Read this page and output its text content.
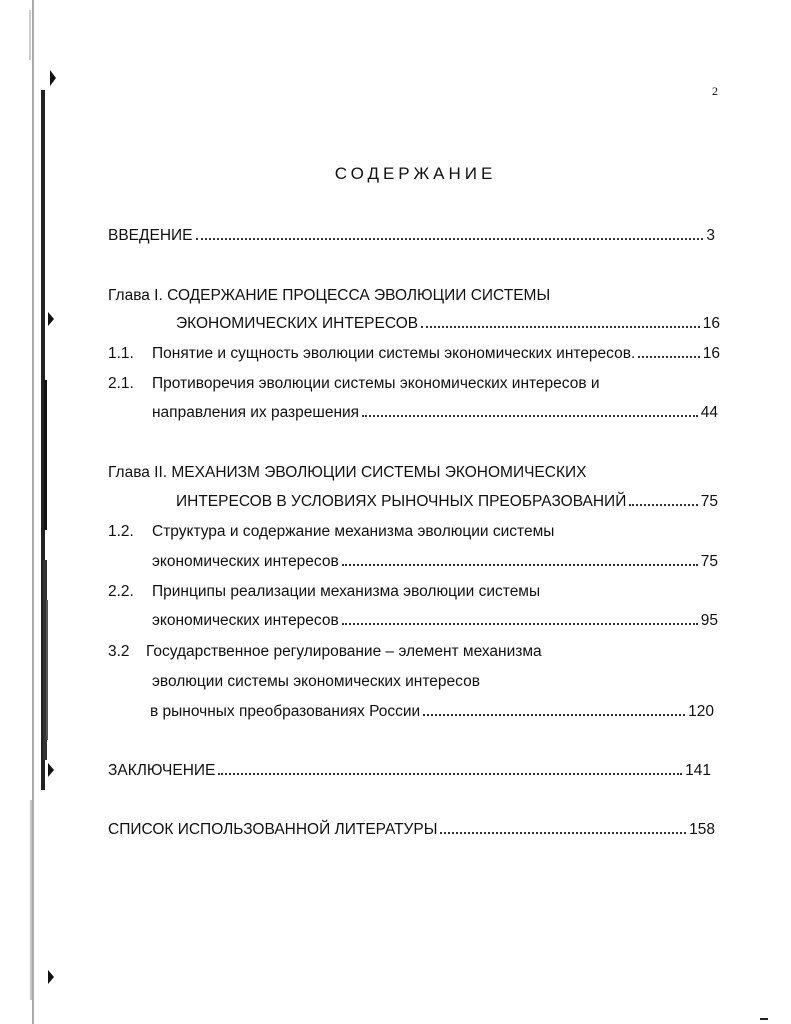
2
СОДЕРЖАНИЕ
ВВЕДЕНИЕ	3
Глава I. СОДЕРЖАНИЕ ПРОЦЕССА ЭВОЛЮЦИИ СИСТЕМЫ
ЭКОНОМИЧЕСКИХ ИНТЕРЕСОВ	16
1.1. Понятие и сущность эволюции системы экономических интересов.	16
2.1. Противоречия эволюции системы экономических интересов и
направления их разрешения	44
Глава II. МЕХАНИЗМ ЭВОЛЮЦИИ СИСТЕМЫ ЭКОНОМИЧЕСКИХ
ИНТЕРЕСОВ В УСЛОВИЯХ РЫНОЧНЫХ ПРЕОБРАЗОВАНИЙ	75
1.2. Структура и содержание механизма эволюции системы
экономических интересов	75
2.2. Принципы реализации механизма эволюции системы
экономических интересов	95
3.2 Государственное регулирование – элемент механизма
эволюции системы экономических интересов
в рыночных преобразованиях России	120
ЗАКЛЮЧЕНИЕ	141
СПИСОК ИСПОЛЬЗОВАННОЙ ЛИТЕРАТУРЫ	158
